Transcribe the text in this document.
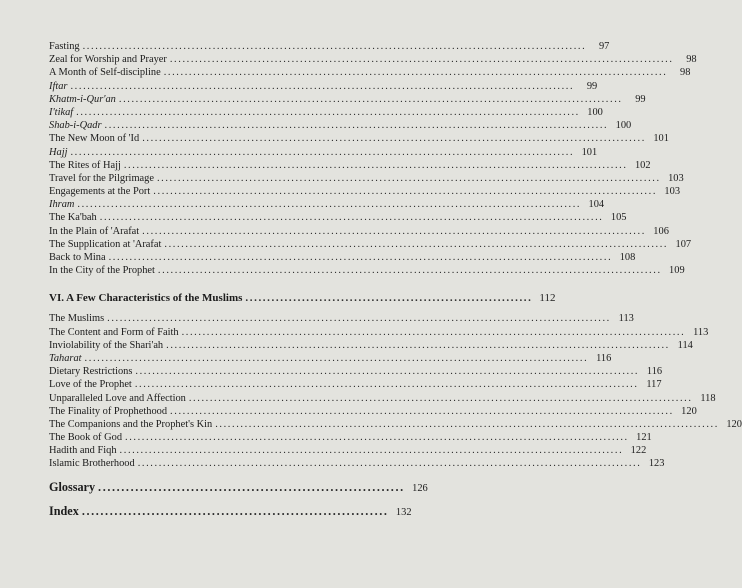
Fasting ........................................................................................................................	97
Zeal for Worship and Prayer ........................................................................................................................	98
A Month of Self-discipline ........................................................................................................................	98
Iftar ........................................................................................................................	99
Khatm-i-Qur'an ........................................................................................................................	99
I'tikaf ........................................................................................................................ 100
Shab-i-Qadr ........................................................................................................................ 100
The New Moon of 'Id ........................................................................................................................ 101
Hajj ........................................................................................................................ 101
The Rites of Hajj ........................................................................................................................ 102
Travel for the Pilgrimage ........................................................................................................................ 103
Engagements at the Port ........................................................................................................................ 103
Ihram ........................................................................................................................ 104
The Ka'bah ........................................................................................................................ 105
In the Plain of 'Arafat ........................................................................................................................ 106
The Supplication at 'Arafat ........................................................................................................................ 107
Back to Mina ........................................................................................................................ 108
In the City of the Prophet ........................................................................................................................ 109
VI. A Few Characteristics of the Muslims .................................................................. 112
The Muslims ........................................................................................................................ 113
The Content and Form of Faith ........................................................................................................................ 113
Inviolability of the Shari'ah ........................................................................................................................ 114
Taharat ........................................................................................................................ 116
Dietary Restrictions ........................................................................................................................ 116
Love of the Prophet ........................................................................................................................ 117
Unparalleled Love and Affection ........................................................................................................................ 118
The Finality of Prophethood ........................................................................................................................ 120
The Companions and the Prophet's Kin ........................................................................................................................ 120
The Book of God ........................................................................................................................ 121
Hadith and Fiqh ........................................................................................................................ 122
Islamic Brotherhood ........................................................................................................................ 123
Glossary .................................................................. 126
Index .................................................................. 132
